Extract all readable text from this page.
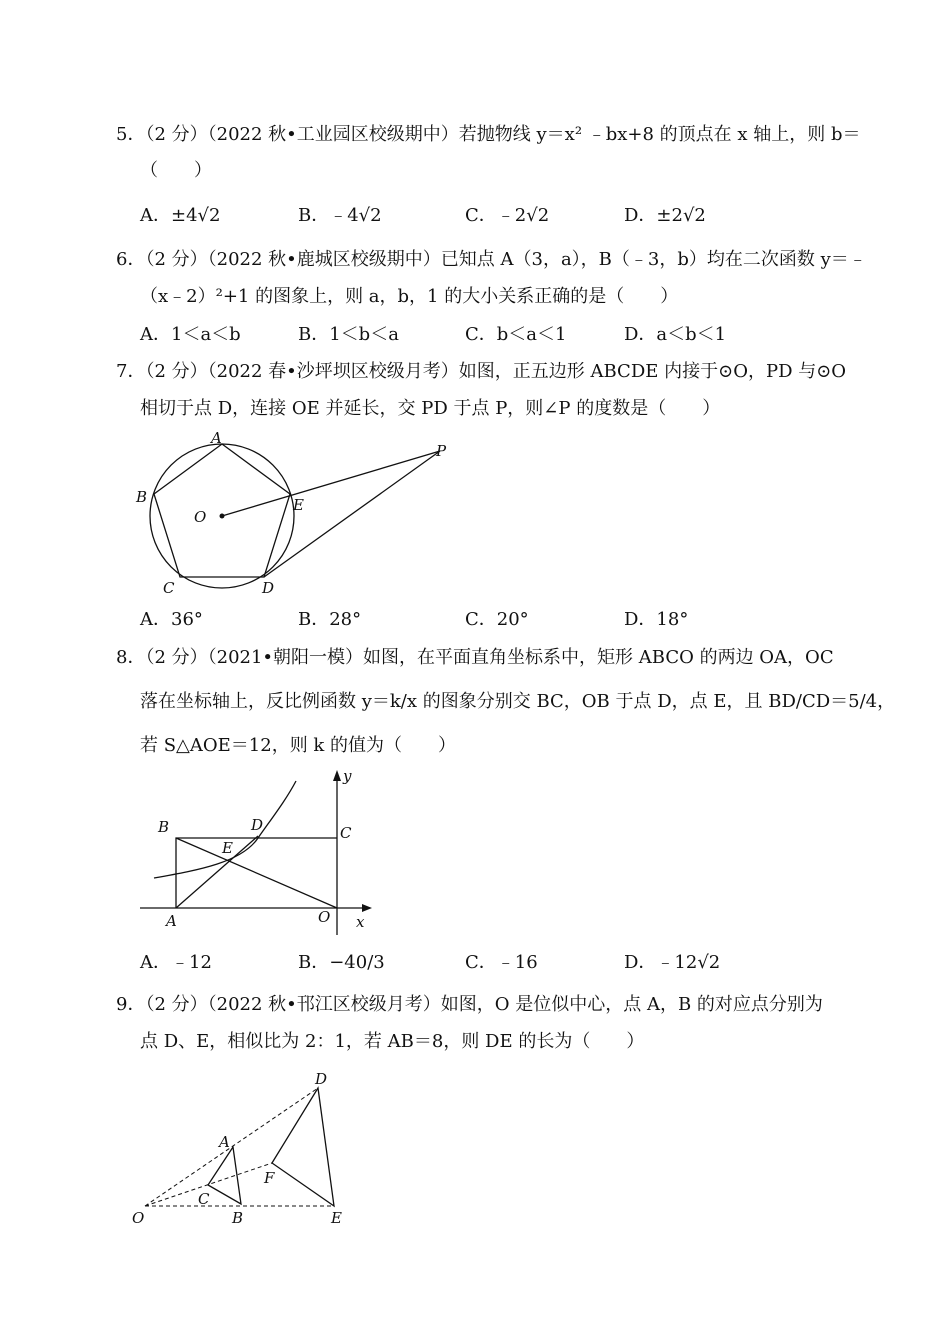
5．（2 分）（2022 秋•工业园区校级期中）若抛物线 y＝x² ﹣bx+8 的顶点在 x 轴上，则 b＝
（　　）
A．±4√2	B．﹣4√2	C．﹣2√2	D．±2√2
6．（2 分）（2022 秋•鹿城区校级期中）已知点 A（3，a），B（﹣3，b）均在二次函数 y＝﹣
（x﹣2）²+1 的图象上，则 a，b，1 的大小关系正确的是（　　）
A．1＜a＜b	B．1＜b＜a	C．b＜a＜1	D．a＜b＜1
7．（2 分）（2022 春•沙坪坝区校级月考）如图，正五边形 ABCDE 内接于⊙O，PD 与⊙O
相切于点 D，连接 OE 并延长，交 PD 于点 P，则∠P 的度数是（　　）
A
B
C	D
E
O
P
A．36°	B．28°	C．20°	D．18°
8．（2 分）（2021•朝阳一模）如图，在平面直角坐标系中，矩形 ABCO 的两边 OA，OC
落在坐标轴上，反比例函数 y＝k/x 的图象分别交 BC，OB 于点 D，点 E，且 BD/CD＝5/4，
若 S△AOE＝12，则 k 的值为（　　）
B
A
C
D
E
O x
y
A．﹣12	B．−40/3	C．﹣16	D．﹣12√2
9．（2 分）（2022 秋•邗江区校级月考）如图，O 是位似中心，点 A，B 的对应点分别为
点 D、E，相似比为 2：1，若 AB＝8，则 DE 的长为（　　）
A
B
C
D
E
F
O
